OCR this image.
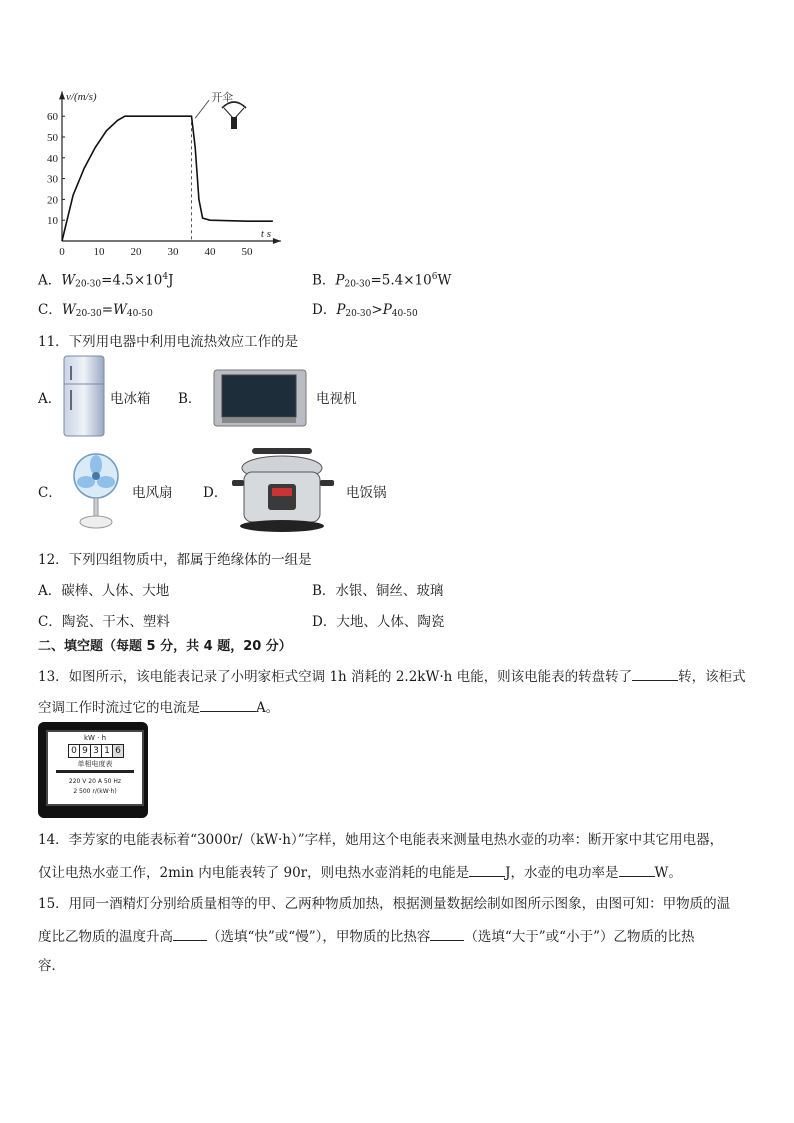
0	10 20 30 40 50
10
20
30
40
50
60
v/(m/s)
t s
开伞
A．$W_{20-30}=4.5\times 10^4J$	B．$P_{20-30}=5.4\times 10^6W$
C．$W_{20-30}=W_{40-50}$	D．$P_{20-30}>P_{40-50}$
11．下列用电器中利用电流热效应工作的是
A．	电冰箱 B．	电视机
C．	电风扇 D．	电饭锅
12．下列四组物质中，都属于绝缘体的一组是
A．碳棒、人体、大地	B．水银、铜丝、玻璃
C．陶瓷、干木、塑料	D．大地、人体、陶瓷
二、填空题（每题 5 分，共 4 题，20 分）
13．如图所示，该电能表记录了小明家柜式空调 1h 消耗的 2.2kW·h 电能，则该电能表的转盘转了	转，该柜式
空调工作时流过它的电流是	A。
kW · h
0 9 3 1 6
单相电度表
220 V 20 A 50 Hz
2 500 r/(kW·h)
14．李芳家的电能表标着“3000r/（kW·h）”字样，她用这个电能表来测量电热水壶的功率：断开家中其它用电器，
仅让电热水壶工作，2min 内电能表转了 90r，则电热水壶消耗的电能是	J，水壶的电功率是	W。
15．用同一酒精灯分别给质量相等的甲、乙两种物质加热，根据测量数据绘制如图所示图象，由图可知：甲物质的温
度比乙物质的温度升高	（选填“快”或“慢”），甲物质的比热容	（选填“大于”或“小于”）乙物质的比热
容．
